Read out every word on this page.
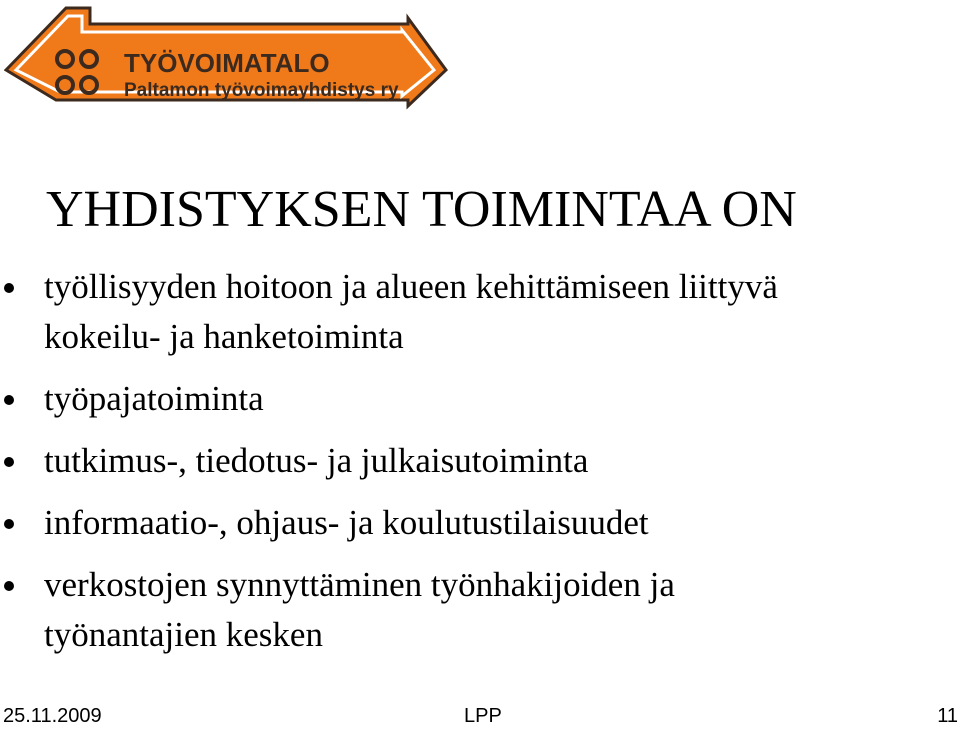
TYÖVOIMATALO
Paltamon työvoimayhdistys ry
YHDISTYKSEN TOIMINTAA ON
työllisyyden hoitoon ja alueen kehittämiseen liittyvä
kokeilu- ja hanketoiminta
työpajatoiminta
tutkimus-, tiedotus- ja julkaisutoiminta
informaatio-, ohjaus- ja koulutustilaisuudet
verkostojen synnyttäminen työnhakijoiden ja
työnantajien kesken
25.11.2009	LPP	11
